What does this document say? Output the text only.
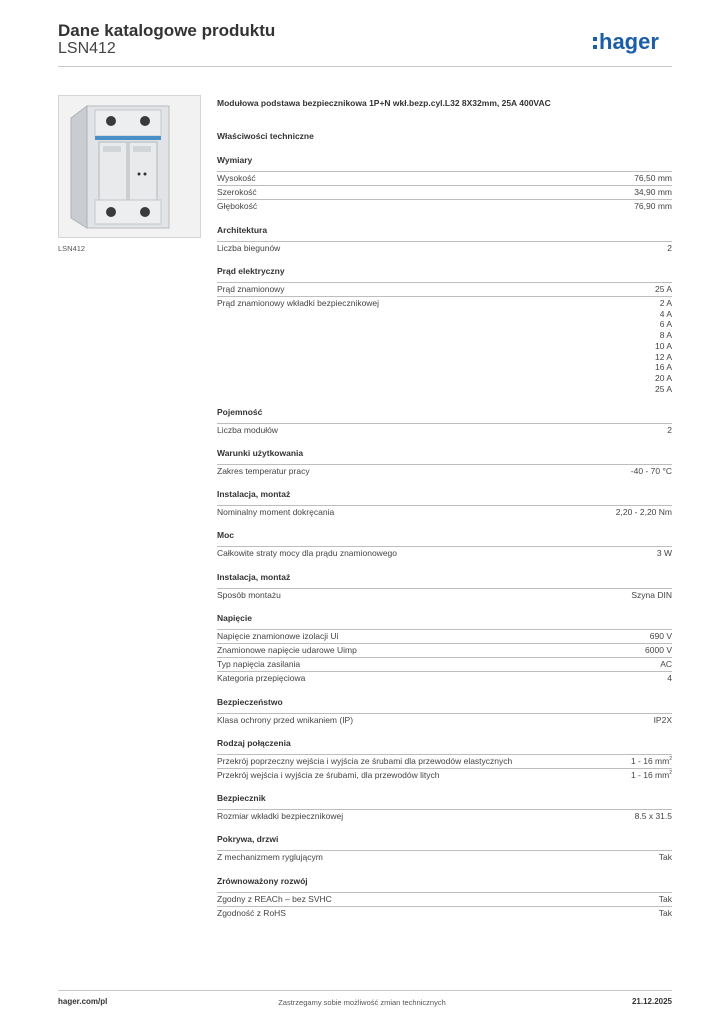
Dane katalogowe produktu
LSN412	hager
LSN412
Modułowa podstawa bezpiecznikowa 1P+N wkł.bezp.cyl.L32 8X32mm, 25A 400VAC
Właściwości techniczne
Wymiary
Wysokość	76,50 mm
Szerokość	34,90 mm
Głębokość	76,90 mm
Architektura
Liczba biegunów	2
Prąd elektryczny
Prąd znamionowy	25 A
Prąd znamionowy wkładki bezpiecznikowej	2 A
4 A
6 A
8 A
10 A
12 A
16 A
20 A
25 A
Pojemność
Liczba modułów	2
Warunki użytkowania
Zakres temperatur pracy	-40 - 70 °C
Instalacja, montaż
Nominalny moment dokręcania	2,20 - 2,20 Nm
Moc
Całkowite straty mocy dla prądu znamionowego	3 W
Instalacja, montaż
Sposób montażu	Szyna DIN
Napięcie
Napięcie znamionowe izolacji Ui	690 V
Znamionowe napięcie udarowe Uimp	6000 V
Typ napięcia zasilania	AC
Kategoria przepięciowa	4
Bezpieczeństwo
Klasa ochrony przed wnikaniem (IP)	IP2X
Rodzaj połączenia
Przekrój poprzeczny wejścia i wyjścia ze śrubami dla przewodów elastycznych	1 - 16 $mm^2$
Przekrój wejścia i wyjścia ze śrubami, dla przewodów litych	1 - 16 $mm^2$
Bezpiecznik
Rozmiar wkładki bezpiecznikowej	8.5 x 31.5
Pokrywa, drzwi
Z mechanizmem ryglującym	Tak
Zrównoważony rozwój
Zgodny z REACh – bez SVHC	Tak
Zgodność z RoHS	Tak
hager.com/pl	Zastrzegamy sobie możliwość zmian technicznych	21.12.2025
